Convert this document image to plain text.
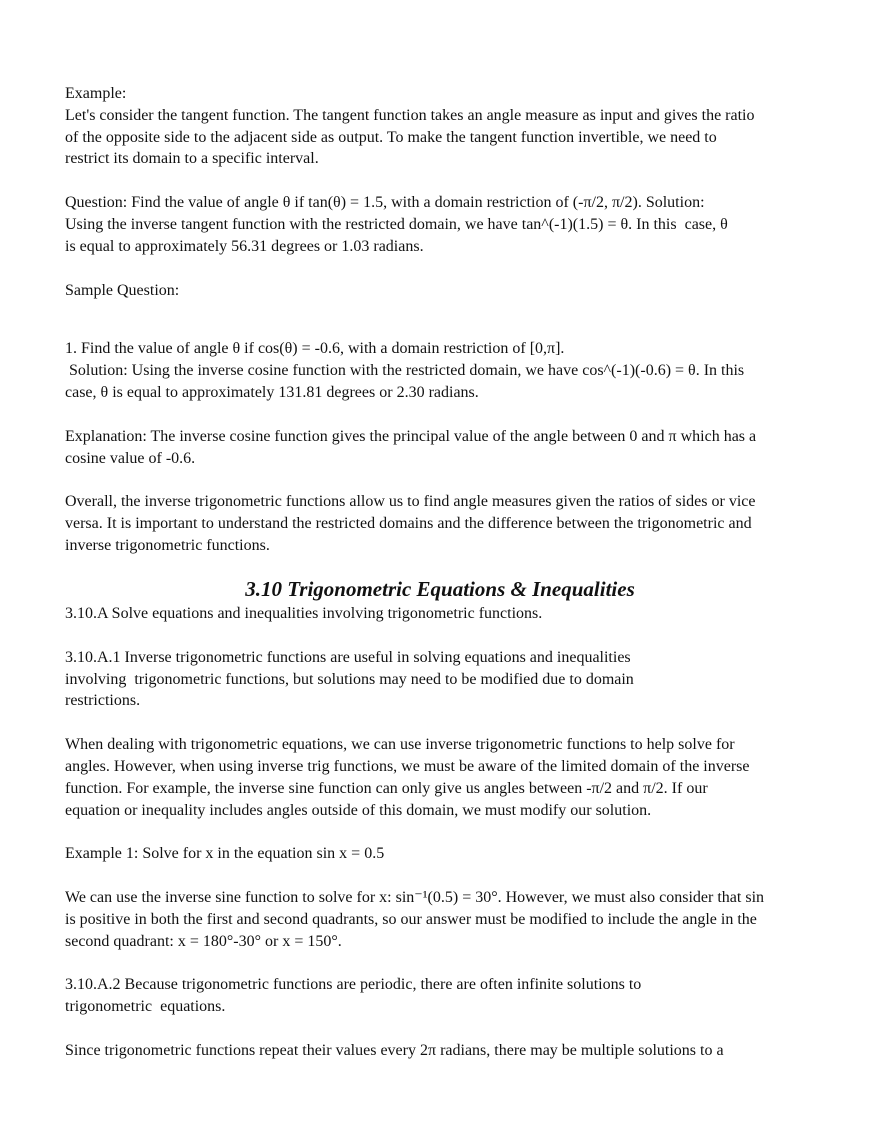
Example:
Let's consider the tangent function. The tangent function takes an angle measure as input and gives the ratio
of the opposite side to the adjacent side as output. To make the tangent function invertible, we need to
restrict its domain to a specific interval.
Question: Find the value of angle θ if tan(θ) = 1.5, with a domain restriction of (-π/2, π/2). Solution:
Using the inverse tangent function with the restricted domain, we have tan^(-1)(1.5) = θ. In this  case, θ
is equal to approximately 56.31 degrees or 1.03 radians.
Sample Question:
1. Find the value of angle θ if cos(θ) = -0.6, with a domain restriction of [0,π].
Solution: Using the inverse cosine function with the restricted domain, we have cos^(-1)(-0.6) = θ. In this
case, θ is equal to approximately 131.81 degrees or 2.30 radians.
Explanation: The inverse cosine function gives the principal value of the angle between 0 and π which has a
cosine value of -0.6.
Overall, the inverse trigonometric functions allow us to find angle measures given the ratios of sides or vice
versa. It is important to understand the restricted domains and the difference between the trigonometric and
inverse trigonometric functions.
3.10 Trigonometric Equations & Inequalities
3.10.A Solve equations and inequalities involving trigonometric functions.
3.10.A.1 Inverse trigonometric functions are useful in solving equations and inequalities
involving  trigonometric functions, but solutions may need to be modified due to domain
restrictions.
When dealing with trigonometric equations, we can use inverse trigonometric functions to help solve for
angles. However, when using inverse trig functions, we must be aware of the limited domain of the inverse
function. For example, the inverse sine function can only give us angles between -π/2 and π/2. If our
equation or inequality includes angles outside of this domain, we must modify our solution.
Example 1: Solve for x in the equation sin x = 0.5
We can use the inverse sine function to solve for x: sin⁻¹(0.5) = 30°. However, we must also consider that sin
is positive in both the first and second quadrants, so our answer must be modified to include the angle in the
second quadrant: x = 180°-30° or x = 150°.
3.10.A.2 Because trigonometric functions are periodic, there are often infinite solutions to
trigonometric  equations.
Since trigonometric functions repeat their values every 2π radians, there may be multiple solutions to a
